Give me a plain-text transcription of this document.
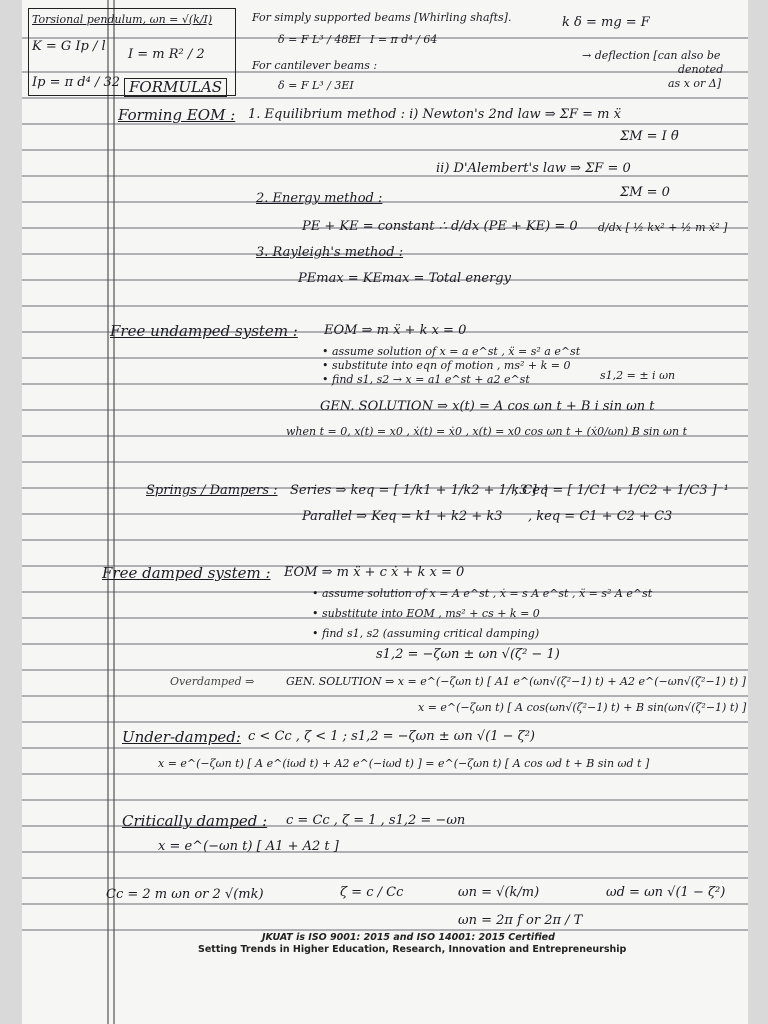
Torsional pendulum, ωn = √(k/I)
K = G Ip / l
I = m R² / 2
Ip = π d⁴ / 32 FORMULAS
For simply supported beams [Whirling shafts].
δ = F L³ / 48EI I = π d⁴ / 64
For cantilever beams :
δ = F L³ / 3EI
k δ = mg = F
→ deflection [can also be
denoted
as x or Δ]
Forming EOM : 1. Equilibrium method : i) Newton's 2nd law ⇒ ΣF = m ẍ
ΣM = I θ̈
ii) D'Alembert's law ⇒ ΣF = 0
ΣM = 0
2. Energy method :
PE + KE = constant ∴ d/dx (PE + KE) = 0 d/dx [ ½ kx² + ½ m ẋ² ]
3. Rayleigh's method :
PEmax = KEmax = Total energy
Free undamped system : EOM ⇒ m ẍ + k x = 0
• assume solution of x = a e^st , ẍ = s² a e^st
• substitute into eqn of motion , ms² + k = 0
• find s1, s2 → x = a1 e^st + a2 e^st	s1,2 = ± i ωn
GEN. SOLUTION ⇒ x(t) = A cos ωn t + B i sin ωn t
when t = 0, x(t) = x0 , ẋ(t) = ẋ0 , x(t) = x0 cos ωn t + (ẋ0/ωn) B sin ωn t
Springs / Dampers : Series ⇒ keq = [ 1/k1 + 1/k2 + 1/k3 ]⁻¹
, Ceq = [ 1/C1 + 1/C2 + 1/C3 ]⁻¹
Parallel ⇒ Keq = k1 + k2 + k3 , keq = C1 + C2 + C3
Free damped system : EOM ⇒ m ẍ + c ẋ + k x = 0
• assume solution of x = A e^st , ẋ = s A e^st , ẍ = s² A e^st
• substitute into EOM , ms² + cs + k = 0
• find s1, s2 (assuming critical damping)
s1,2 = −ζωn ± ωn √(ζ² − 1)
Overdamped ⇒	GEN. SOLUTION ⇒ x = e^(−ζωn t) [ A1 e^(ωn√(ζ²−1) t) + A2 e^(−ωn√(ζ²−1) t) ]
x = e^(−ζωn t) [ A cos(ωn√(ζ²−1) t) + B sin(ωn√(ζ²−1) t) ]
Under-damped: c < Cc , ζ < 1 ; s1,2 = −ζωn ± ωn √(1 − ζ²)
x = e^(−ζωn t) [ A e^(iωd t) + A2 e^(−iωd t) ] = e^(−ζωn t) [ A cos ωd t + B sin ωd t ]
Critically damped : c = Cc , ζ = 1 , s1,2 = −ωn
x = e^(−ωn t) [ A1 + A2 t ]
Cc = 2 m ωn or 2 √(mk)	ζ = c / Cc	ωn = √(k/m)	ωd = ωn √(1 − ζ²)
ωn = 2π f or 2π / T
JKUAT is ISO 9001: 2015 and ISO 14001: 2015 Certified
Setting Trends in Higher Education, Research, Innovation and Entrepreneurship
